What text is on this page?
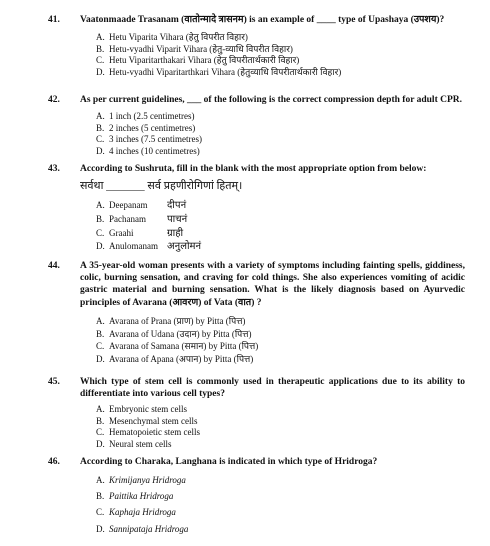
41. Vaatonmaade Trasanam (वातोन्मादे त्रासनम) is an example of ____ type of Upashaya (उपशय)?
A. Hetu Viparita Vihara (हेतु विपरीत विहार)
B. Hetu-vyadhi Viparit Vihara (हेतु-व्याधि विपरीत विहार)
C. Hetu Viparitarthakari Vihara (हेतु विपरीतार्थकारी विहार)
D. Hetu-vyadhi Viparitarthkari Vihara (हेतुव्याधि विपरीतार्थकारी विहार)
42. As per current guidelines, ___ of the following is the correct compression depth for adult CPR.
A. 1 inch (2.5 centimetres)
B. 2 inches (5 centimetres)
C. 3 inches (7.5 centimetres)
D. 4 inches (10 centimetres)
43. According to Sushruta, fill in the blank with the most appropriate option from below:
सर्वथा _______ सर्व प्रहणीरोगिणां हितम्।
A. Deepanam दीपनं
B. Pachanam पाचनं
C. Graahi	ग्राही
D. Anulomanam अनुलोमनं
44. A 35-year-old woman presents with a variety of symptoms including fainting spells, giddiness, colic, burning sensation, and craving for cold things. She also experiences vomiting of acidic gastric material and burning sensation. What is the likely diagnosis based on Ayurvedic principles of Avarana (आवरण) of Vata (वात) ?
A. Avarana of Prana (प्राण) by Pitta (पित्त)
B. Avarana of Udana (उदान) by Pitta (पित्त)
C. Avarana of Samana (समान) by Pitta (पित्त)
D. Avarana of Apana (अपान) by Pitta (पित्त)
45. Which type of stem cell is commonly used in therapeutic applications due to its ability to differentiate into various cell types?
A. Embryonic stem cells
B. Mesenchymal stem cells
C. Hematopoietic stem cells
D. Neural stem cells
46. According to Charaka, Langhana is indicated in which type of Hridroga?
A. Krimijanya Hridroga
B. Paittika Hridroga
C. Kaphaja Hridroga
D. Sannipataja Hridroga
